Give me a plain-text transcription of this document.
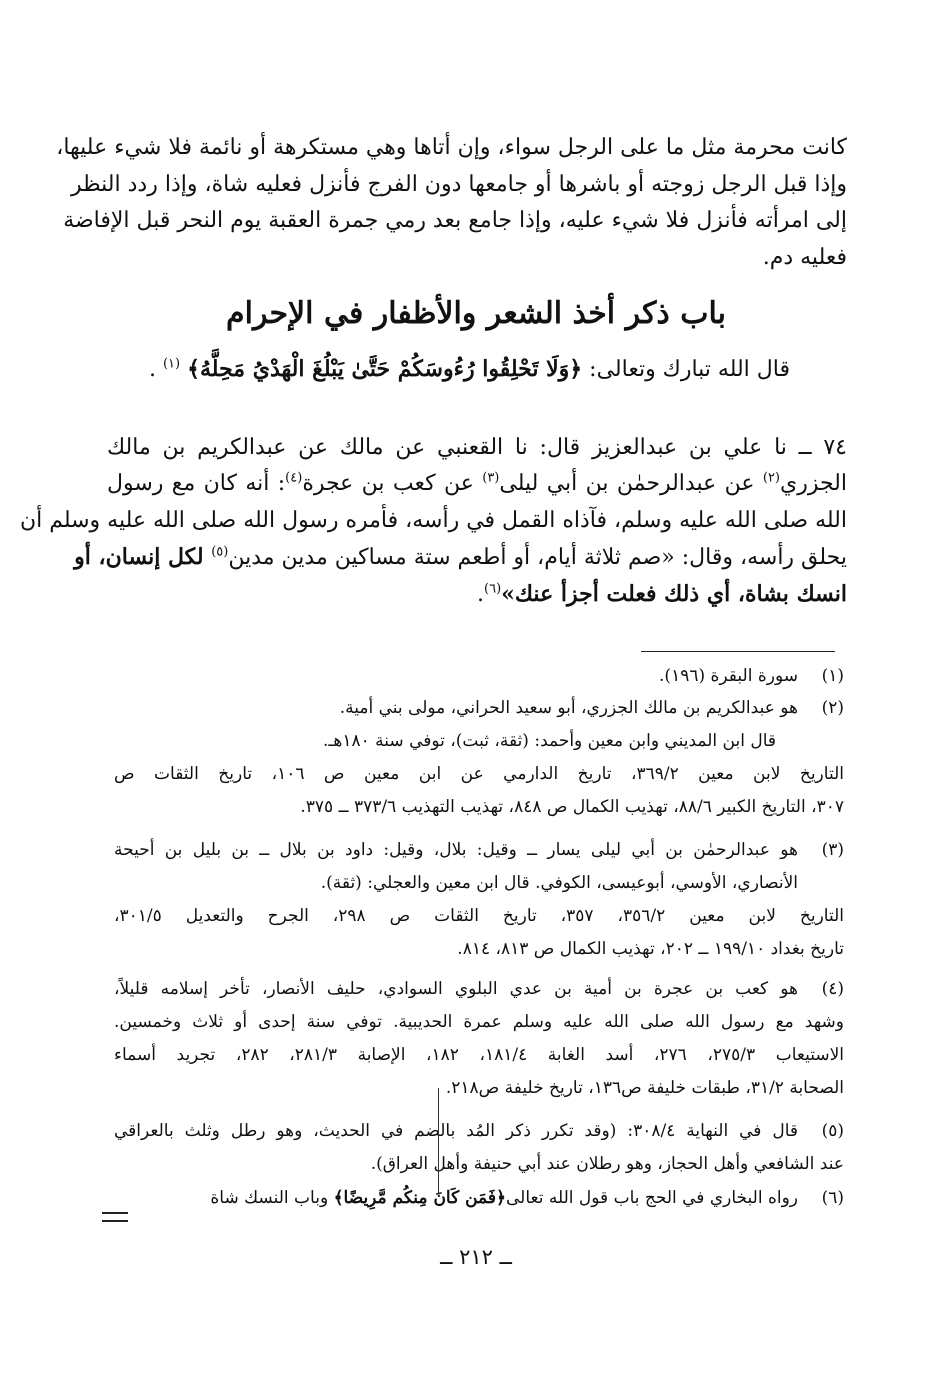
كانت محرمة مثل ما على الرجل سواء، وإن أتاها وهي مستكرهة أو نائمة فلا شيء عليها،
وإذا قبل الرجل زوجته أو باشرها أو جامعها دون الفرج فأنزل فعليه شاة، وإذا ردد النظر
إلى امرأته فأنزل فلا شيء عليه، وإذا جامع بعد رمي جمرة العقبة يوم النحر قبل الإفاضة
فعليه دم.
باب ذكر أخذ الشعر والأظفار في الإحرام
قال الله تبارك وتعالى: ﴿وَلَا تَحْلِقُوا رُءُوسَكُمْ حَتَّىٰ يَبْلُغَ الْهَدْيُ مَحِلَّهُ﴾ $^{(١)}$ .
٧٤ ــ نا علي بن عبدالعزيز قال: نا القعنبي عن مالك عن عبدالكريم بن مالك
الجزري$^{(٢)}$ عن عبدالرحمٰن بن أبي ليلى$^{(٣)}$ عن كعب بن عجرة$^{(٤)}$: أنه كان مع رسول
الله صلى الله عليه وسلم، فآذاه القمل في رأسه، فأمره رسول الله صلى الله عليه وسلم أن
يحلق رأسه، وقال: «صم ثلاثة أيام، أو أطعم ستة مساكين مدين مدين$^{(٥)}$ لكل إنسان، أو
انسك بشاة، أي ذلك فعلت أجزأ عنك»$^{(٦)}$.
(١)
سورة البقرة (١٩٦).
(٢)
هو عبدالكريم بن مالك الجزري، أبو سعيد الحراني، مولى بني أمية.
قال ابن المديني وابن معين وأحمد: (ثقة، ثبت)، توفي سنة ١٨٠هـ.
التاريخ لابن معين ٣٦٩/٢، تاريخ الدارمي عن ابن معين ص ١٠٦، تاريخ الثقات ص
٣٠٧، التاريخ الكبير ٨٨/٦، تهذيب الكمال ص ٨٤٨، تهذيب التهذيب ٣٧٣/٦ ــ ٣٧٥.
(٣)
هو عبدالرحمٰن بن أبي ليلى يسار ــ وقيل: بلال، وقيل: داود بن بلال ــ بن بليل بن أحيحة
الأنصاري، الأوسي، أبوعيسى، الكوفي. قال ابن معين والعجلي: (ثقة).
التاريخ لابن معين ٣٥٦/٢، ٣٥٧، تاريخ الثقات ص ٢٩٨، الجرح والتعديل ٣٠١/٥،
تاريخ بغداد ١٩٩/١٠ ــ ٢٠٢، تهذيب الكمال ص ٨١٣، ٨١٤.
(٤)
هو كعب بن عجرة بن أمية بن عدي البلوي السوادي، حليف الأنصار، تأخر إسلامه قليلاً،
وشهد مع رسول الله صلى الله عليه وسلم عمرة الحديبية. توفي سنة إحدى أو ثلاث وخمسين.
الاستيعاب ٢٧٥/٣، ٢٧٦، أسد الغابة ١٨١/٤، ١٨٢، الإصابة ٢٨١/٣، ٢٨٢، تجريد أسماء
الصحابة ٣١/٢، طبقات خليفة ص١٣٦، تاريخ خليفة ص٢١٨.
(٥)
قال في النهاية ٣٠٨/٤: (وقد تكرر ذكر المُد بالضم في الحديث، وهو رطل وثلث بالعراقي
عند الشافعي وأهل الحجاز، وهو رطلان عند أبي حنيفة وأهل العراق).
(٦)
رواه البخاري في الحج باب قول الله تعالى﴿فَمَن كَانَ مِنكُم مَّرِيضًا﴾ وباب النسك شاة
ــ ٢١٢ ــ
